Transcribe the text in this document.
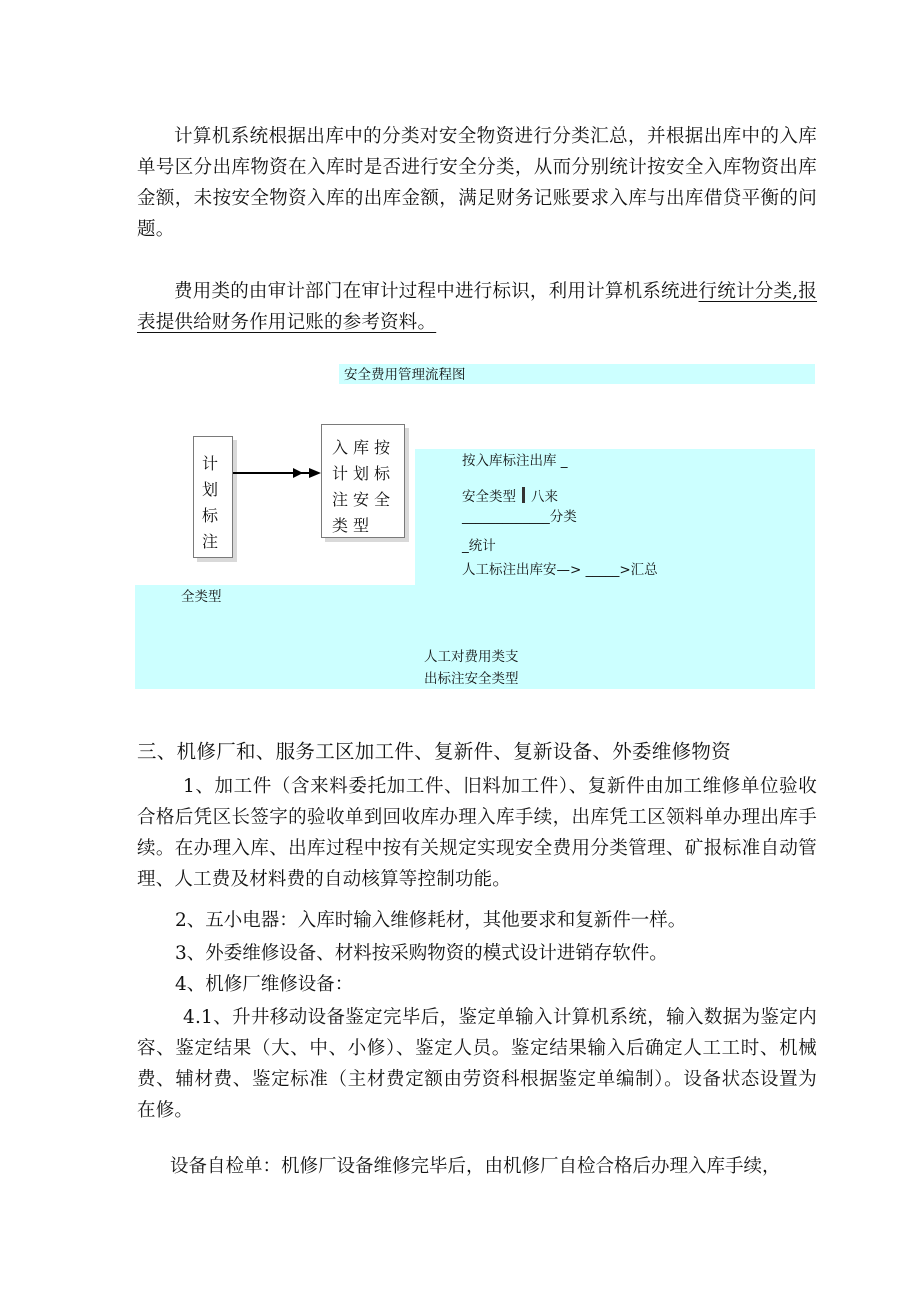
计算机系统根据出库中的分类对安全物资进行分类汇总，并根据出库中的入库单号区分出库物资在入库时是否进行安全分类，从而分别统计按安全入库物资出库金额，未按安全物资入库的出库金额，满足财务记账要求入库与出库借贷平衡的问题。
费用类的由审计部门在审计过程中进行标识，利用计算机系统进行统计分类,报表提供给财务作用记账的参考资料。
安全费用管理流程图
计划标注
入库按计划标注安全类型
按入库标注出库 _
安全类型 八来
_____________分类
_统计
人工标注出库安—> _____>汇总
全类型
人工对费用类支
出标注安全类型
三、机修厂和、服务工区加工件、复新件、复新设备、外委维修物资
1、加工件（含来料委托加工件、旧料加工件）、复新件由加工维修单位验收合格后凭区长签字的验收单到回收库办理入库手续，出库凭工区领料单办理出库手续。在办理入库、出库过程中按有关规定实现安全费用分类管理、矿报标准自动管理、人工费及材料费的自动核算等控制功能。
2、五小电器：入库时输入维修耗材，其他要求和复新件一样。
3、外委维修设备、材料按采购物资的模式设计进销存软件。
4、机修厂维修设备：
4.1、升井移动设备鉴定完毕后，鉴定单输入计算机系统，输入数据为鉴定内容、鉴定结果（大、中、小修）、鉴定人员。鉴定结果输入后确定人工工时、机械费、辅材费、鉴定标准（主材费定额由劳资科根据鉴定单编制）。设备状态设置为在修。
设备自检单：机修厂设备维修完毕后，由机修厂自检合格后办理入库手续，
